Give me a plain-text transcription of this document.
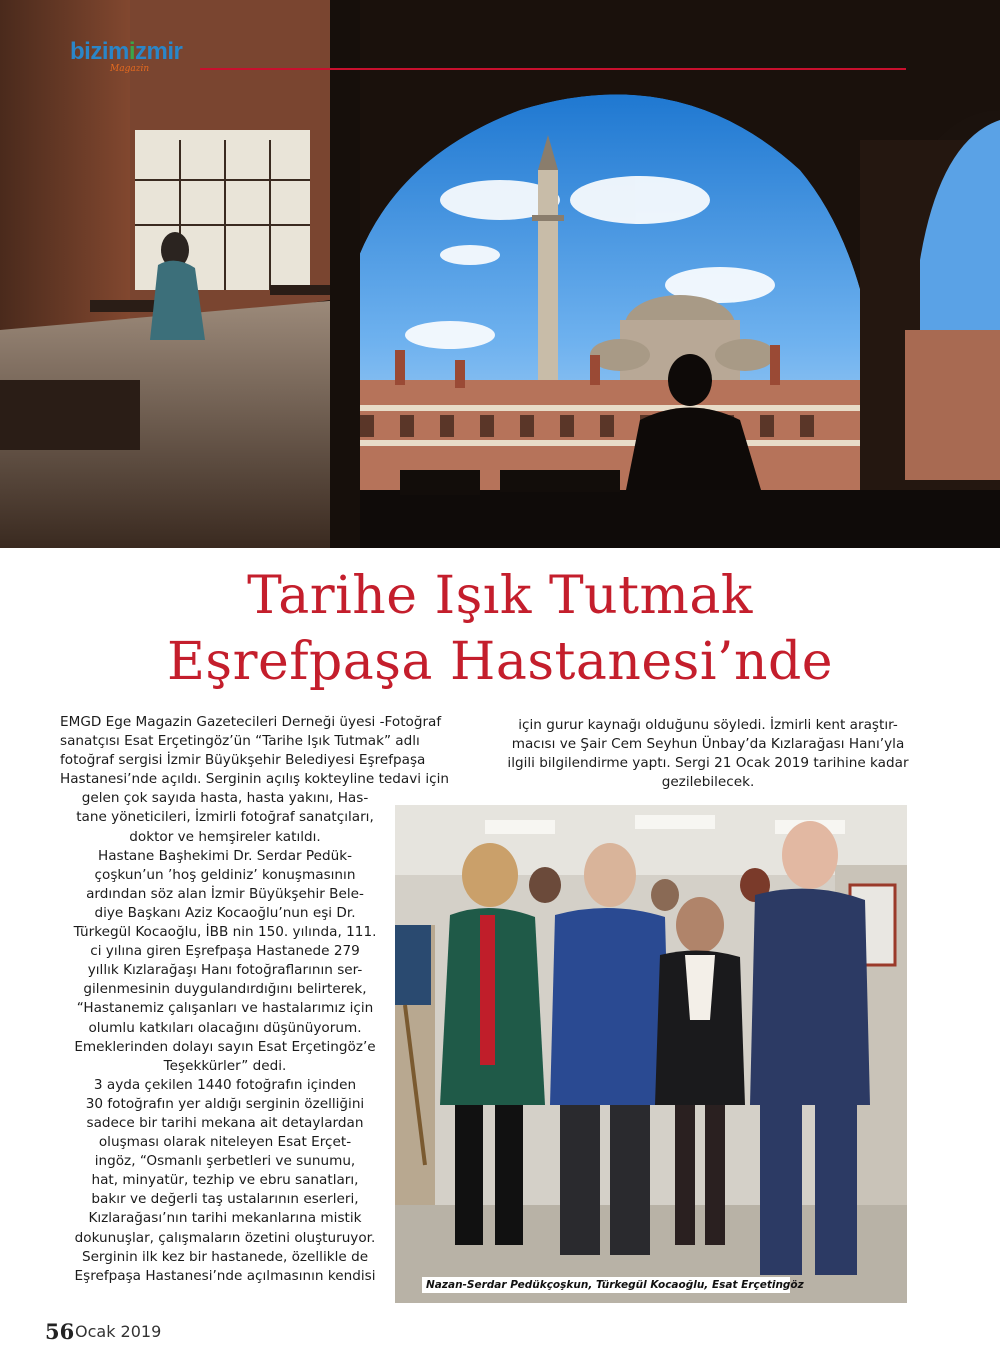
bizimizmir
Magazin
Tarihe Işık Tutmak
Eşrefpaşa Hastanesi’nde

EMGD Ege Magazin Gazetecileri Derneği üyesi -Fotoğraf

sanatçısı Esat Erçetingöz’ün “Tarihe Işık Tutmak” adlı

fotoğraf sergisi İzmir Büyükşehir Belediyesi Eşrefpaşa

Hastanesi’nde açıldı. Serginin açılış kokteyline tedavi için

gelen çok sayıda hasta, hasta yakını, Has-

tane yöneticileri, İzmirli fotoğraf sanatçıları,

doktor ve hemşireler katıldı.

Hastane Başhekimi Dr. Serdar Pedük-

çoşkun’un ’hoş geldiniz’ konuşmasının

ardından söz alan İzmir Büyükşehir Bele-

diye Başkanı Aziz Kocaoğlu’nun eşi Dr.

Türkegül Kocaoğlu, İBB nin 150. yılında, 111.

ci yılına giren Eşrefpaşa Hastanede 279

yıllık Kızlarağaşı Hanı fotoğraflarının ser-

gilenmesinin duygulandırdığını belirterek,

“Hastanemiz çalışanları ve hastalarımız için

olumlu katkıları olacağını düşünüyorum.

Emeklerinden dolayı sayın Esat Erçetingöz’e

Teşekkürler” dedi.

3 ayda çekilen 1440 fotoğrafın içinden

30 fotoğrafın yer aldığı serginin özelliğini

sadece bir tarihi mekana ait detaylardan

oluşması olarak niteleyen Esat Erçet-

ingöz, “Osmanlı şerbetleri ve sunumu,

hat, minyatür, tezhip ve ebru sanatları,

bakır ve değerli taş ustalarının eserleri,

Kızlarağası’nın tarihi mekanlarına mistik

dokunuşlar, çalışmaların özetini oluşturuyor.

Serginin ilk kez bir hastanede, özellikle de

Eşrefpaşa Hastanesi’nde açılmasının kendisi

için gurur kaynağı olduğunu söyledi. İzmirli kent araştır-

macısı ve Şair Cem Seyhun Ünbay’da Kızlarağası Hanı’yla

ilgili bilgilendirme yaptı. Sergi 21 Ocak 2019 tarihine kadar

gezilebilecek.

Nazan-Serdar Pedükçoşkun, Türkegül Kocaoğlu, Esat Erçetingöz
56 Ocak 2019
